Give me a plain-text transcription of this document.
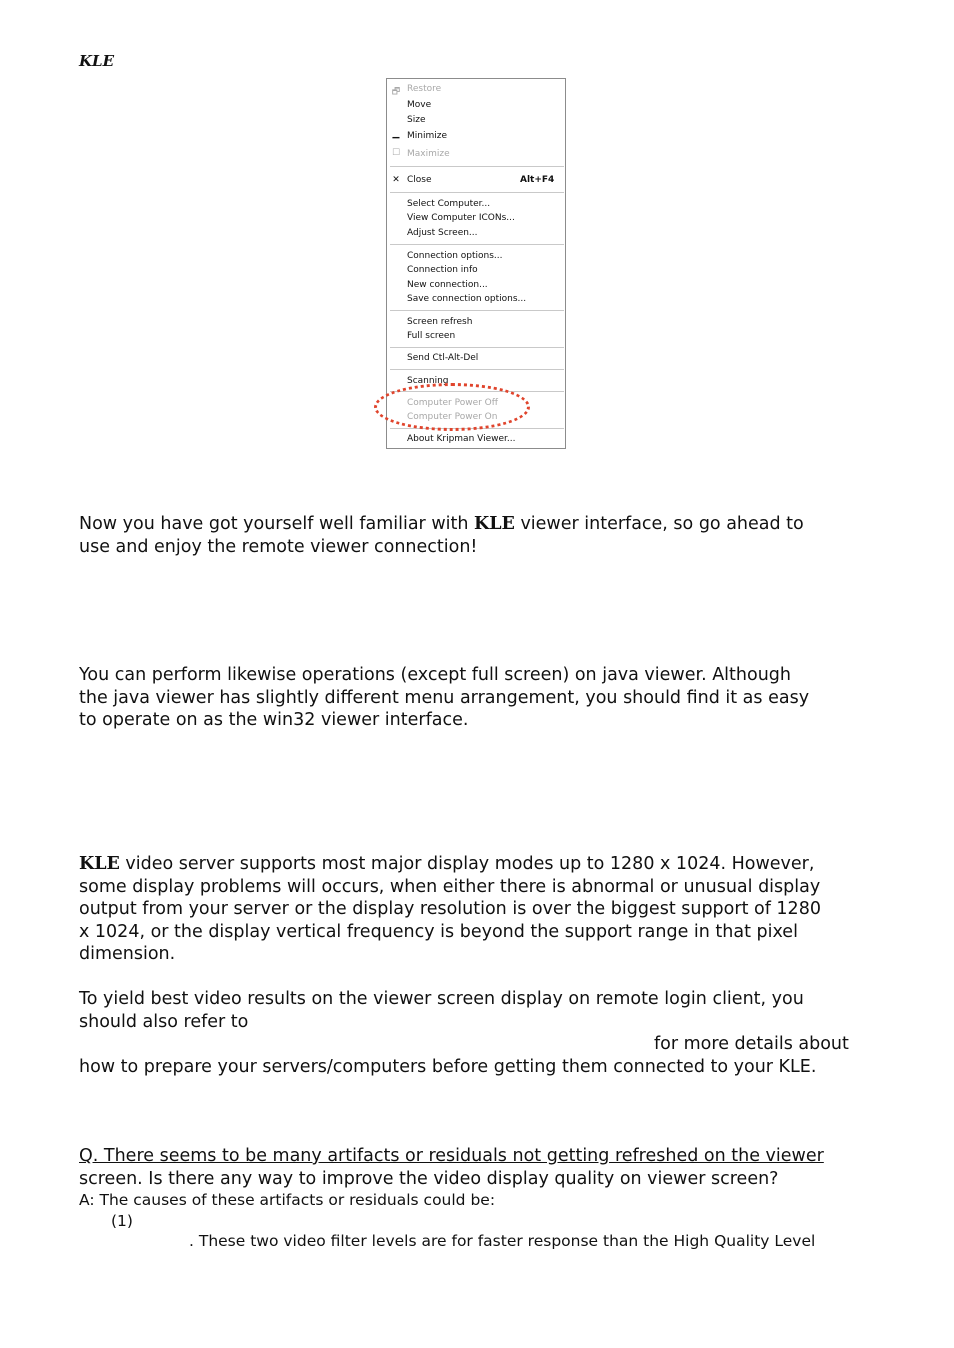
KLE
🗗 Restore
Move
Size
▁ Minimize
☐ Maximize
✕ Close	Alt+F4
Select Computer...
View Computer ICONs...
Adjust Screen...
Connection options...
Connection info
New connection...
Save connection options...
Screen refresh
Full screen
Send Ctl-Alt-Del
Scanning
Computer Power Off
Computer Power On
About Kripman Viewer...
Now you have got yourself well familiar with KLE viewer interface, so go ahead to
use and enjoy the remote viewer connection!
You can perform likewise operations (except full screen) on java viewer. Although
the java viewer has slightly different menu arrangement, you should find it as easy
to operate on as the win32 viewer interface.
KLE video server supports most major display modes up to 1280 x 1024. However,
some display problems will occurs, when either there is abnormal or unusual display
output from your server or the display resolution is over the biggest support of 1280
x 1024, or the display vertical frequency is beyond the support range in that pixel
dimension.
To yield best video results on the viewer screen display on remote login client, you
should also refer to
for more details about
how to prepare your servers/computers before getting them connected to your KLE.
Q. There seems to be many artifacts or residuals not getting refreshed on the viewer
screen. Is there any way to improve the video display quality on viewer screen?
A: The causes of these artifacts or residuals could be:
(1)
. These two video filter levels are for faster response than the High Quality Level
